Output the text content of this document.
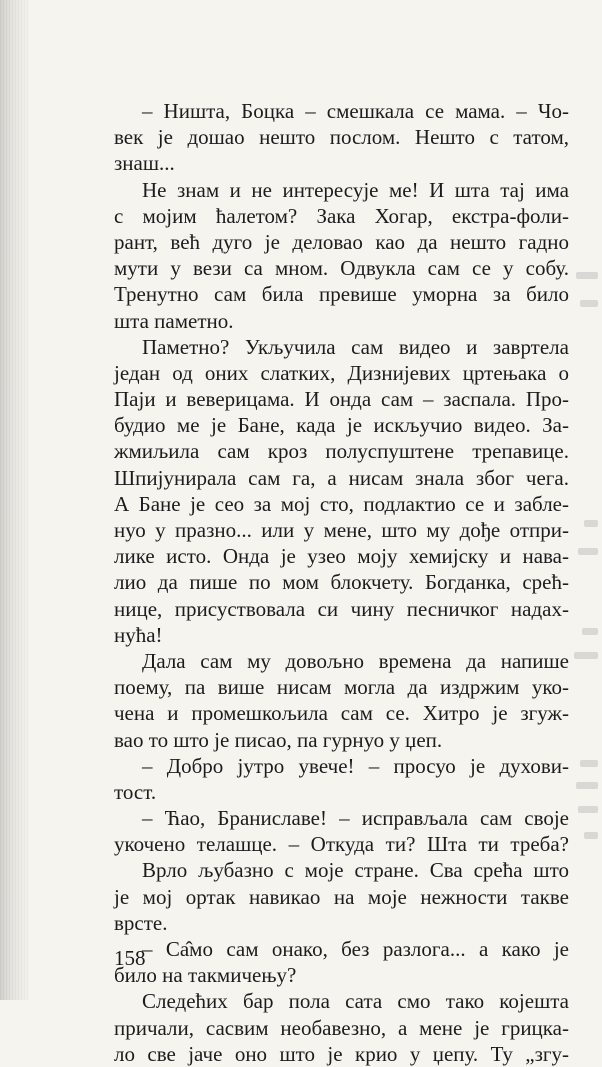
– Ништа, Боцка – смешкала се мама. – Чо-
век је дошао нешто послом. Нешто с татом,
знаш...
Не знам и не интересује ме! И шта тај има
с мојим ћалетом? Зака Хогар, екстра-фоли-
рант, већ дуго је деловао као да нешто гадно
мути у вези са мном. Одвукла сам се у собу.
Тренутно сам била превише уморна за било
шта паметно.
Паметно? Укључила сам видео и завртела
један од оних слатких, Дизнијевих цртењака о
Паји и веверицама. И онда сам – заспала. Про-
будио ме је Бане, када је искључио видео. За-
жмиљила сам кроз полуспуштене трепавице.
Шпијунирала сам га, а нисам знала због чега.
А Бане је сео за мој сто, подлактио се и забле-
нуо у празно... или у мене, што му дође отпри-
лике исто. Онда је узео моју хемијску и нава-
лио да пише по мом блокчету. Богданка, срећ-
нице, присуствовала си чину песничког надах-
нућа!
Дала сам му довољно времена да напише
поему, па више нисам могла да издржим уко-
чена и промешкољила сам се. Хитро је згуж-
вао то што је писао, па гурнуо у џеп.
– Добро јутро увече! – просуо је духови-
тост.
– Ћао, Браниславе! – исправљала сам своје
укочено телашце. – Откуда ти? Шта ти треба?
Врло љубазно с моје стране. Сва срећа што
је мој ортак навикао на моје нежности такве
врсте.
– Са̂мо сам онако, без разлога... а како је
било на такмичењу?
Следећих бар пола сата смо тако којешта
причали, сасвим необавезно, а мене је грицка-
ло све јаче оно што је крио у џепу. Ту „згу-
158
